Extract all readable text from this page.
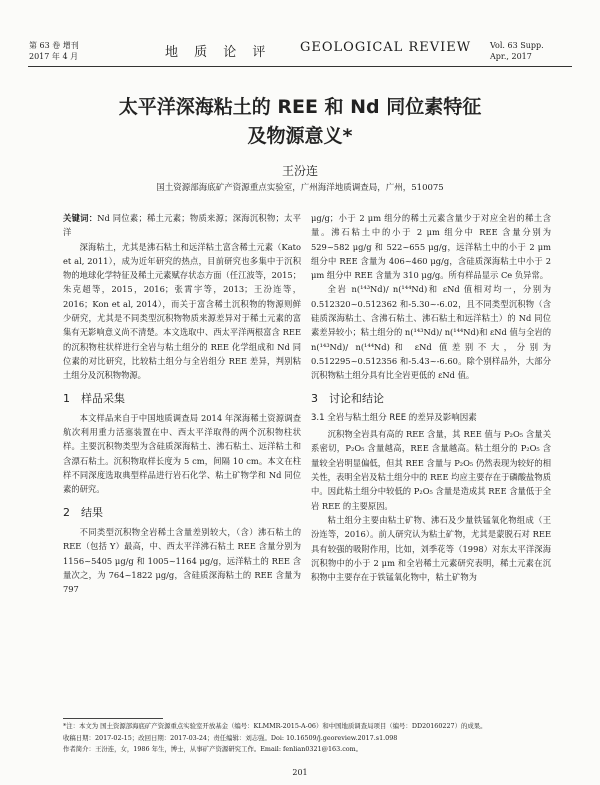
第 63 卷 增刊
2017 年 4 月	地 质 论 评 GEOLOGICAL REVIEW Vol. 63 Supp.
Apr., 2017
太平洋深海粘土的 REE 和 Nd 同位素特征
及物源意义*
王汾连
国土资源部海底矿产资源重点实验室，广州海洋地质调查局，广州，510075

关键词：Nd 同位素；稀土元素；物质来源；深海沉积物；太平洋

深海粘土，尤其是沸石粘土和远洋粘土富含稀土元素（Kato et al, 2011），成为近年研究的热点，目前研究也多集中于沉积物的地球化学特征及稀土元素赋存状态方面（任江波等，2015；朱克超等，2015，2016；张霄宇等，2013；王汾连等，2016；Kon et al, 2014），而关于富含稀土沉积物的物源则鲜少研究，尤其是不同类型沉积物物质来源差异对于稀土元素的富集有无影响意义尚不清楚。本文选取中、西太平洋两根富含 REE 的沉积物柱状样进行全岩与粘土组分的 REE 化学组成和 Nd 同位素的对比研究，比较粘土组分与全岩组分 REE 差异，判别粘土组分及沉积物物源。

1　样品采集

本文样品来自于中国地质调查局 2014 年深海稀土资源调查航次利用重力活塞装置在中、西太平洋取得的两个沉积物柱状样。主要沉积物类型为含硅质深海粘土、沸石粘土、远洋粘土和含漂石粘土。沉积物取样长度为 5 cm，间隔 10 cm。本文在柱样不同深度选取典型样品进行岩石化学、粘土矿物学和 Nd 同位素的研究。

2　结果

不同类型沉积物全岩稀土含量差别较大，（含）沸石粘土的 REE（包括 Y）最高，中、西太平洋沸石粘土 REE 含量分别为 1156~5405 μg/g 和 1005~1164 μg/g，远洋粘土的 REE 含量次之，为 764~1822 μg/g，含硅质深海粘土的 REE 含量为 797

μg/g；小于 2 μm 组分的稀土元素含量少于对应全岩的稀土含量。沸石粘土中的小于 2 μm 组分中 REE 含量分别为 529~582 μg/g 和 522~655 μg/g，远洋粘土中的小于 2 μm 组分中 REE 含量为 406~460 μg/g，含硅质深海粘土中小于 2 μm 组分中 REE 含量为 310 μg/g。所有样品显示 Ce 负异常。

全岩 n(¹⁴³Nd)/ n(¹⁴⁴Nd)和 εNd 值相对均一，分别为 0.512320~0.512362 和-5.30~-6.02，且不同类型沉积物（含硅质深海粘土、含沸石粘土、沸石粘土和远洋粘土）的 Nd 同位素差异较小；粘土组分的 n(¹⁴³Nd)/ n(¹⁴⁴Nd)和 εNd 值与全岩的 n(¹⁴³Nd)/ n(¹⁴⁴Nd)和 εNd 值差别不大，分别为 0.512295~0.512356 和-5.43~-6.60。除个别样品外，大部分沉积物粘土组分具有比全岩更低的 εNd 值。

3　讨论和结论
3.1 全岩与粘土组分 REE 的差异及影响因素

沉积物全岩具有高的 REE 含量，其 REE 值与 P₂O₅ 含量关系密切，P₂O₅ 含量越高，REE 含量越高。粘土组分的 P₂O₅ 含量较全岩明显偏低，但其 REE 含量与 P₂O₅ 仍然表现为较好的相关性，表明全岩及粘土组分中的 REE 均应主要存在于磷酸盐物质中。因此粘土组分中较低的 P₂O₅ 含量是造成其 REE 含量低于全岩 REE 的主要原因。

粘土组分主要由粘土矿物、沸石及少量铁锰氧化物组成（王汾连等，2016）。前人研究认为粘土矿物，尤其是蒙脱石对 REE 具有较强的吸附作用，比如，刘季花等（1998）对东太平洋深海沉积物中的小于 2 μm 和全岩稀土元素研究表明，稀土元素在沉积物中主要存在于铁锰氧化物中，粘土矿物为

*注：本文为 国土资源部海底矿产资源重点实验室开放基金（编号：KLMMR-2015-A-06）和中国地质调查局项目（编号：DD20160227）的成果。
收稿日期：2017-02-15；改回日期：2017-03-24；责任编辑：刘志强。Doi: 10.16509/j.georeview.2017.s1.098
作者简介：王汾连，女，1986 年生，博士，从事矿产资源研究工作。Email: fenlian0321@163.com。
201
